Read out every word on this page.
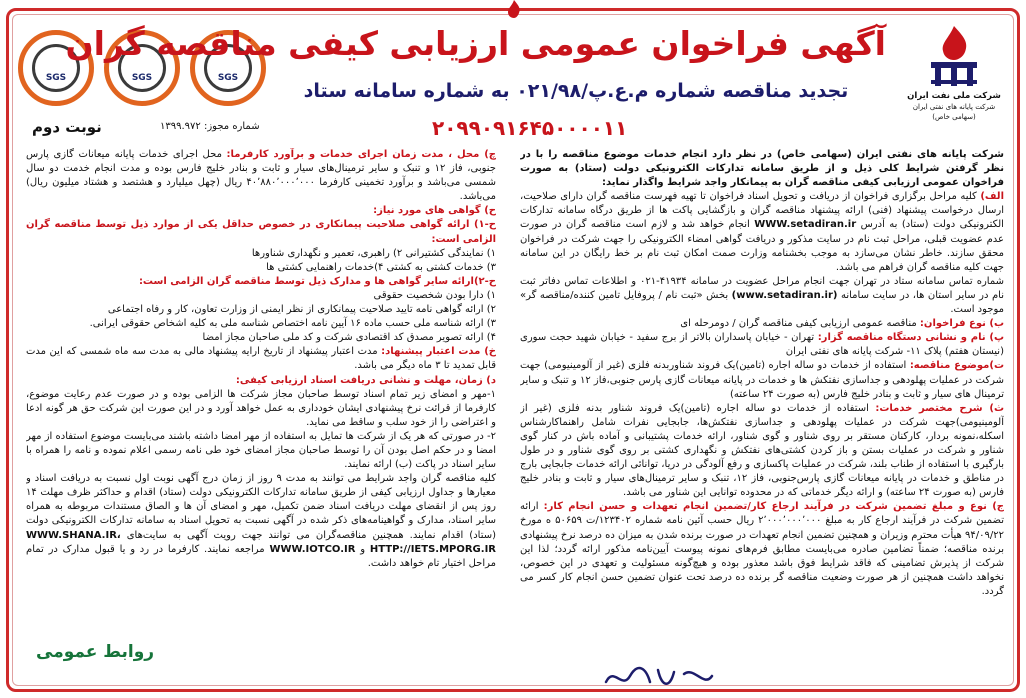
شرکت ملی نفت ایران
شرکت پایانه های نفتی ایران
(سهامی خاص)
SGS	SGS	SGS
آگهی فراخوان عمومی ارزیابی کیفی مناقصه گران
تجدید مناقصه شماره م.ع.پ/۰۲۱/۹۸ به شماره سامانه ستاد
۲۰۹۹۰۹۱۶۴۵۰۰۰۰۱۱
نوبت دوم	شماره مجوز: ۱۳۹۹.۹۷۲

شرکت پایانه های نفتی ایران (سهامی خاص) در نظر دارد انجام خدمات موضوع مناقصه را با در نظر گرفتن شرایط کلی ذیل و از طریق سامانه تدارکات الکترونیکی دولت (ستاد) به صورت فراخوان عمومی ارزیابی کیفی مناقصه گران به پیمانکار واجد شرایط واگذار نماید:

الف) کلیه مراحل برگزاری فراخوان از دریافت و تحویل اسناد فراخوان تا تهیه فهرست مناقصه گران دارای صلاحیت، ارسال درخواست پیشنهاد (فنی) ارائه پیشنهاد مناقصه گران و بازگشایی پاکت ها از طریق درگاه سامانه تدارکات الکترونیکی دولت (ستاد) به آدرس WWW.setadiran.ir انجام خواهد شد و لازم است مناقصه گران در صورت عدم عضویت قبلی، مراحل ثبت نام در سایت مذکور و دریافت گواهی امضاء الکترونیکی را جهت شرکت در فراخوان محقق سازند. خاطر نشان می‌سازد به موجب بخشنامه وزارت صمت امکان ثبت نام بر خط رایگان در این سامانه جهت کلیه مناقصه گران فراهم می باشد.

شماره تماس سامانه ستاد در تهران جهت انجام مراحل عضویت در سامانه ۴۱۹۳۴-۰۲۱ و اطلاعات تماس دفاتر ثبت نام در سایر استان ها، در سایت سامانه (www.setadiran.ir) بخش «ثبت نام / پروفایل تامین کننده/مناقصه گر» موجود است.

ب) نوع فراخوان: مناقصه عمومی ارزیابی کیفی مناقصه گران / دومرحله ای

پ) نام و نشانی دستگاه مناقصه گزار: تهران - خیابان پاسداران بالاتر از برج سفید - خیابان شهید حجت سوری (نیستان هفتم) پلاک ۱۱- شرکت پایانه های نفتی ایران

ت)موضوع مناقصه: استفاده از خدمات دو ساله اجاره (تامین)یک فروند شناوربدنه فلزی (غیر از آلومینیومی) جهت شرکت در عملیات پهلودهی و جداسازی نفتکش ها و خدمات در پایانه میعانات گازی پارس جنوبی،فاز ۱۲ و تنبک و سایر ترمینال های سیار و ثابت و بنادر خلیج فارس (به صورت ۲۴ ساعته)

ث) شرح مختصر خدمات: استفاده از خدمات دو ساله اجاره (تامین)یک فروند شناور بدنه فلزی (غیر از آلومینیومی)جهت شرکت در عملیات پهلودهی و جداسازی نفتکش‌ها، جابجایی نفرات شامل راهنماکارشناس اسکله،نمونه بردار، کارکنان مستقر بر روی شناور و گوی شناور، ارائه خدمات پشتیبانی و آماده باش در کنار گوی شناور و شرکت در عملیات بستن و باز کردن کشتی‌های نفتکش و نگهداری کشتی بر روی گوی شناور و در طول بارگیری با استفاده از طناب بلند، شرکت در عملیات پاکسازی و رفع آلودگی در دریا، توانائی ارائه خدمات جابجایی بارج در مناطق و خدمات در پایانه میعانات گازی پارس‌جنوبی، فاز ۱۲، تنبک و سایر ترمینال‌های سیار و ثابت و بنادر خلیج فارس (به صورت ۲۴ ساعته) و ارائه دیگر خدماتی که در محدوده توانایی این شناور می باشد.

ج) نوع و مبلغ تضمین شرکت در فرآیند ارجاع کار/تضمین انجام تعهدات و حسن انجام کار: ارائه تضمین شرکت در فرآیند ارجاع کار به مبلغ ۲٬۰۰۰٬۰۰۰٬۰۰۰ ریال حسب آئین نامه شماره ۱۲۳۴۰۲/ت ۵۰۶۵۹ ه مورخ ۹۴/۰۹/۲۲ هیأت محترم وزیران و همچنین تضمین انجام تعهدات در صورت برنده شدن به میزان ده درصد نرخ پیشنهادی برنده مناقصه؛ ضمناً تضامین صادره می‌بایست مطابق فرم‌های نمونه پیوست آیین‌نامه مذکور ارائه گردد؛ لذا این شرکت از پذیرش تضامینی که فاقد شرایط فوق باشد معذور بوده و هیچ‌گونه مسئولیت و تعهدی در این خصوص، نخواهد داشت همچنین از هر صورت وضعیت مناقصه گر برنده ده درصد تحت عنوان تضمین حسن انجام کار کسر می گردد.

چ) محل ، مدت زمان اجرای خدمات و برآورد کارفرما: محل اجرای خدمات پایانه میعانات گازی پارس جنوبی، فاز ۱۲ و تنبک و سایر ترمینال‌های سیار و ثابت و بنادر خلیج فارس بوده و مدت انجام خدمت دو سال شمسی می‌باشد و برآورد تخمینی کارفرما ۴۰٬۸۸۰٬۰۰۰٬۰۰۰ ریال (چهل میلیارد و هشتصد و هشتاد میلیون ریال) می‌باشد.

ح) گواهی های مورد نیاز:

ح-۱) ارائه گواهی صلاحیت پیمانکاری در خصوص حداقل یکی از موارد ذیل توسط مناقصه گران الزامی است:

۱) نمایندگی کشتیرانی ۲) راهبری، تعمیر و نگهداری شناورها

۳) خدمات کشتی به کشتی ۴)خدمات راهنمایی کشتی ها

ح-۲)ارائه سایر گواهی ها و مدارک ذیل توسط مناقصه گران الزامی است:

۱) دارا بودن شخصیت حقوقی

۲) ارائه گواهی نامه تایید صلاحیت پیمانکاری از نظر ایمنی از وزارت تعاون، کار و رفاه اجتماعی

۳) ارائه شناسه ملی حسب ماده ۱۶ آیین نامه اختصاص شناسه ملی به کلیه اشخاص حقوقی ایرانی.

۴) ارائه تصویر مصدق کد اقتصادی شرکت و کد ملی صاحبان مجاز امضا

خ) مدت اعتبار پیشنهاد: مدت اعتبار پیشنهاد از تاریخ ارایه پیشنهاد مالی به مدت سه ماه شمسی که این مدت قابل تمدید تا ۳ ماه دیگر می باشد.

د) زمان، مهلت و نشانی دریافت اسناد ارزیابی کیفی:

۱-مهر و امضای زیر تمام اسناد توسط صاحبان مجاز شرکت ها الزامی بوده و در صورت عدم رعایت موضوع، کارفرما از قرائت نرخ پیشنهادی ایشان خودداری به عمل خواهد آورد و در این صورت این شرکت حق هر گونه ادعا و اعتراضی را از خود سلب و ساقط می نماید.

۲- در صورتی که هر یک از شرکت ها تمایل به استفاده از مهر امضا داشته باشند می‌بایست موضوع استفاده از مهر امضا و در حکم اصل بودن آن را توسط صاحبان مجاز امضای خود طی نامه رسمی اعلام نموده و نامه را همراه با سایر اسناد در پاکت (ب) ارائه نمایند.

کلیه مناقصه گران واجد شرایط می توانند به مدت ۹ روز از زمان درج آگهی نوبت اول نسبت به دریافت اسناد و معیارها و جداول ارزیابی کیفی از طریق سامانه تدارکات الکترونیکی دولت (ستاد) اقدام و حداکثر ظرف مهلت ۱۴ روز پس از انقضای مهلت دریافت اسناد ضمن تکمیل، مهر و امضای آن ها و الصاق مستندات مربوطه به همراه سایر اسناد، مدارک و گواهینامه‌های ذکر شده در آگهی نسبت به تحویل اسناد به سامانه تدارکات الکترونیکی دولت (ستاد) اقدام نمایند. همچنین مناقصه‌گران می توانند جهت رویت آگهی به سایت‌های WWW.SHANA.IR، HTTP://IETS.MPORG.IR و WWW.IOTCO.IR مراجعه نمایند. کارفرما در رد و یا قبول مدارک در تمام مراحل اختیار تام خواهد داشت.

روابط عمومی
